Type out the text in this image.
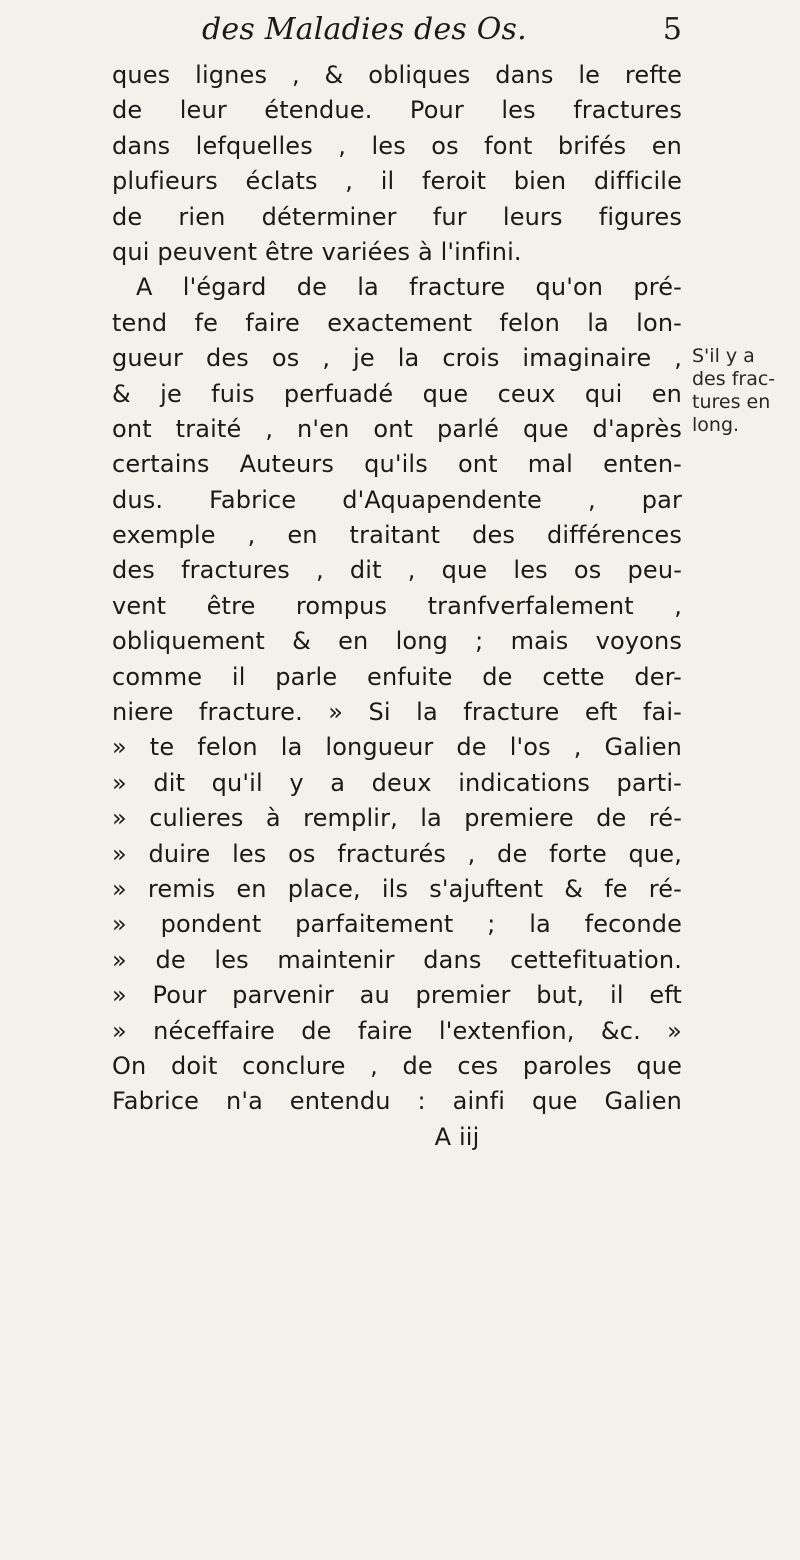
des Maladies des Os.	5
ques lignes , & obliques dans le refte
de leur étendue. Pour les fractures
dans lefquelles , les os font brifés en
plufieurs éclats , il feroit bien difficile
de rien déterminer fur leurs figures
qui peuvent être variées à l'infini.
A l'égard de la fracture qu'on pré-
tend fe faire exactement felon la lon-
gueur des os , je la crois imaginaire ,
& je fuis perfuadé que ceux qui en
ont traité , n'en ont parlé que d'après
certains Auteurs qu'ils ont mal enten-
dus. Fabrice d'Aquapendente , par
exemple , en traitant des différences
des fractures , dit , que les os peu-
vent être rompus tranfverfalement ,
obliquement & en long ; mais voyons
comme il parle enfuite de cette der-
niere fracture. » Si la fracture eft fai-
» te felon la longueur de l'os , Galien
» dit qu'il y a deux indications parti-
» culieres à remplir, la premiere de ré-
» duire les os fracturés , de forte que,
» remis en place, ils s'ajuftent & fe ré-
» pondent parfaitement ; la feconde
» de les maintenir dans cettefituation.
» Pour parvenir au premier but, il eft
» néceffaire de faire l'extenfion, &c. »
On doit conclure , de ces paroles que
Fabrice n'a entendu : ainfi que Galien
A iij
S'il y a
des frac-
tures en
long.
